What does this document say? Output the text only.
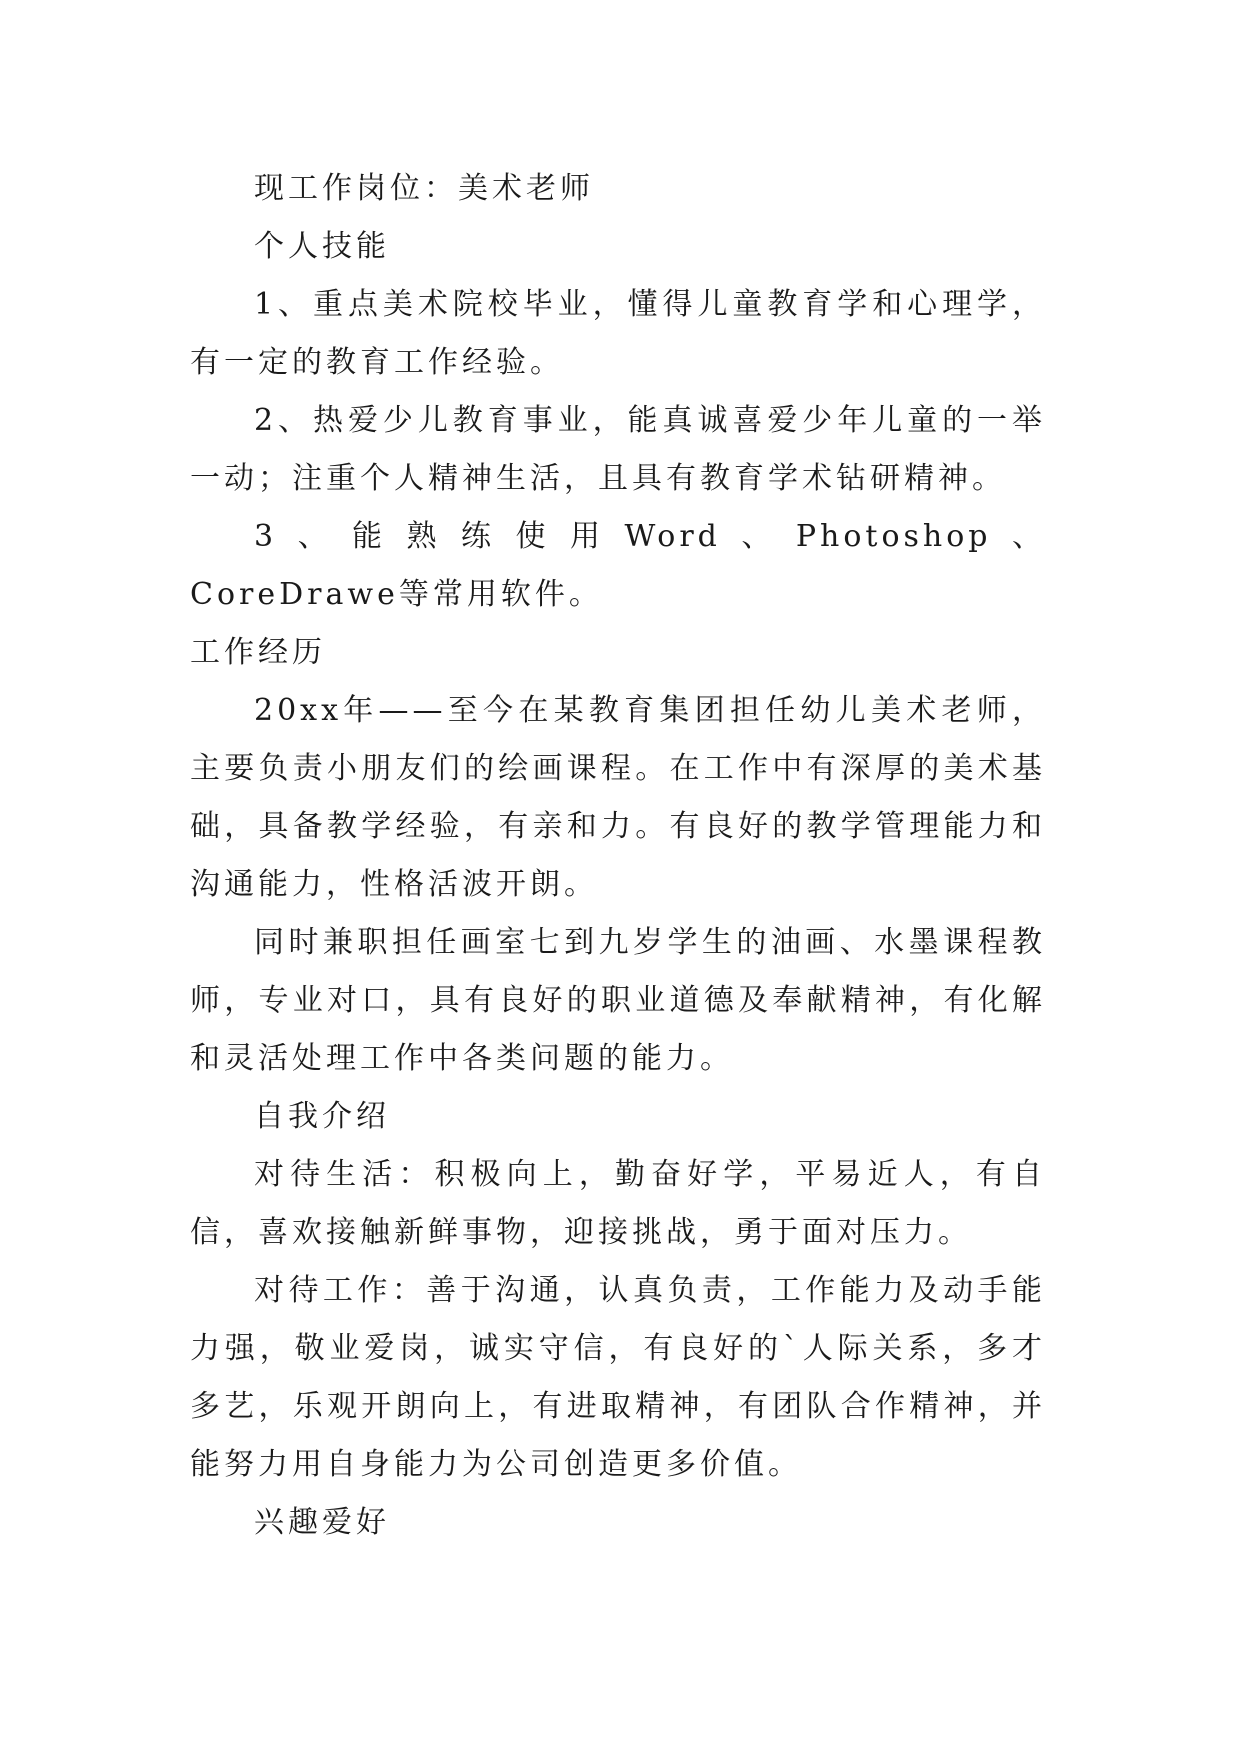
现工作岗位：美术老师

个人技能

1、重点美术院校毕业，懂得儿童教育学和心理学，有一定的教育工作经验。

2、热爱少儿教育事业，能真诚喜爱少年儿童的一举一动；注重个人精神生活，且具有教育学术钻研精神。

3、能熟练使用Word、Photoshop、CoreDrawe等常用软件。

工作经历

20xx年——至今在某教育集团担任幼儿美术老师，主要负责小朋友们的绘画课程。在工作中有深厚的美术基础，具备教学经验，有亲和力。有良好的教学管理能力和沟通能力，性格活波开朗。

同时兼职担任画室七到九岁学生的油画、水墨课程教师，专业对口，具有良好的职业道德及奉献精神，有化解和灵活处理工作中各类问题的能力。

自我介绍

对待生活：积极向上，勤奋好学，平易近人，有自信，喜欢接触新鲜事物，迎接挑战，勇于面对压力。

对待工作：善于沟通，认真负责，工作能力及动手能力强，敬业爱岗，诚实守信，有良好的`人际关系，多才多艺，乐观开朗向上，有进取精神，有团队合作精神，并能努力用自身能力为公司创造更多价值。

兴趣爱好
